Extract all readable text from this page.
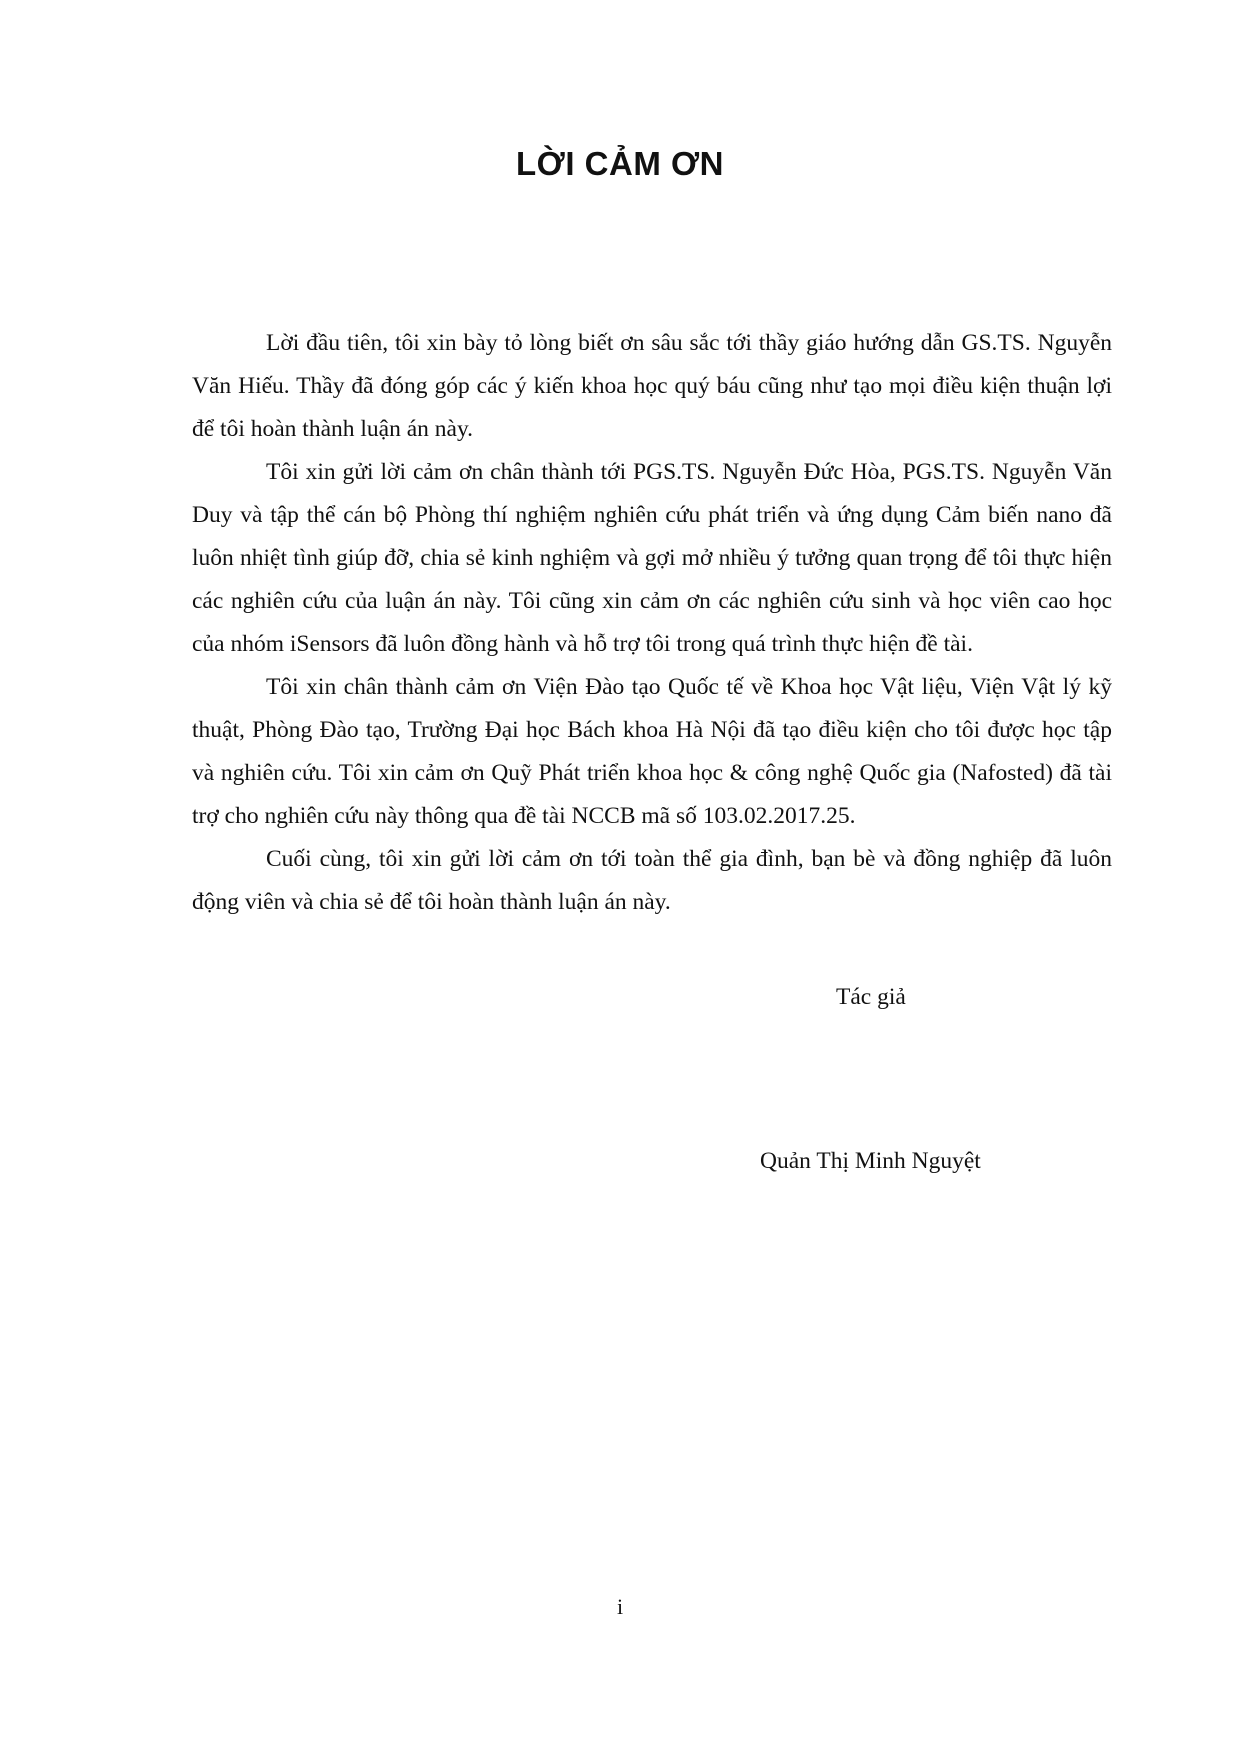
LỜI CẢM ƠN

Lời đầu tiên, tôi xin bày tỏ lòng biết ơn sâu sắc tới thầy giáo hướng dẫn GS.TS. Nguyễn Văn Hiếu. Thầy đã đóng góp các ý kiến khoa học quý báu cũng như tạo mọi điều kiện thuận lợi để tôi hoàn thành luận án này.

Tôi xin gửi lời cảm ơn chân thành tới PGS.TS. Nguyễn Đức Hòa, PGS.TS. Nguyễn Văn Duy và tập thể cán bộ Phòng thí nghiệm nghiên cứu phát triển và ứng dụng Cảm biến nano đã luôn nhiệt tình giúp đỡ, chia sẻ kinh nghiệm và gợi mở nhiều ý tưởng quan trọng để tôi thực hiện các nghiên cứu của luận án này. Tôi cũng xin cảm ơn các nghiên cứu sinh và học viên cao học của nhóm iSensors đã luôn đồng hành và hỗ trợ tôi trong quá trình thực hiện đề tài.

Tôi xin chân thành cảm ơn Viện Đào tạo Quốc tế về Khoa học Vật liệu, Viện Vật lý kỹ thuật, Phòng Đào tạo, Trường Đại học Bách khoa Hà Nội đã tạo điều kiện cho tôi được học tập và nghiên cứu. Tôi xin cảm ơn Quỹ Phát triển khoa học & công nghệ Quốc gia (Nafosted) đã tài trợ cho nghiên cứu này thông qua đề tài NCCB mã số 103.02.2017.25.

Cuối cùng, tôi xin gửi lời cảm ơn tới toàn thể gia đình, bạn bè và đồng nghiệp đã luôn động viên và chia sẻ để tôi hoàn thành luận án này.

Tác giả
Quản Thị Minh Nguyệt
i
